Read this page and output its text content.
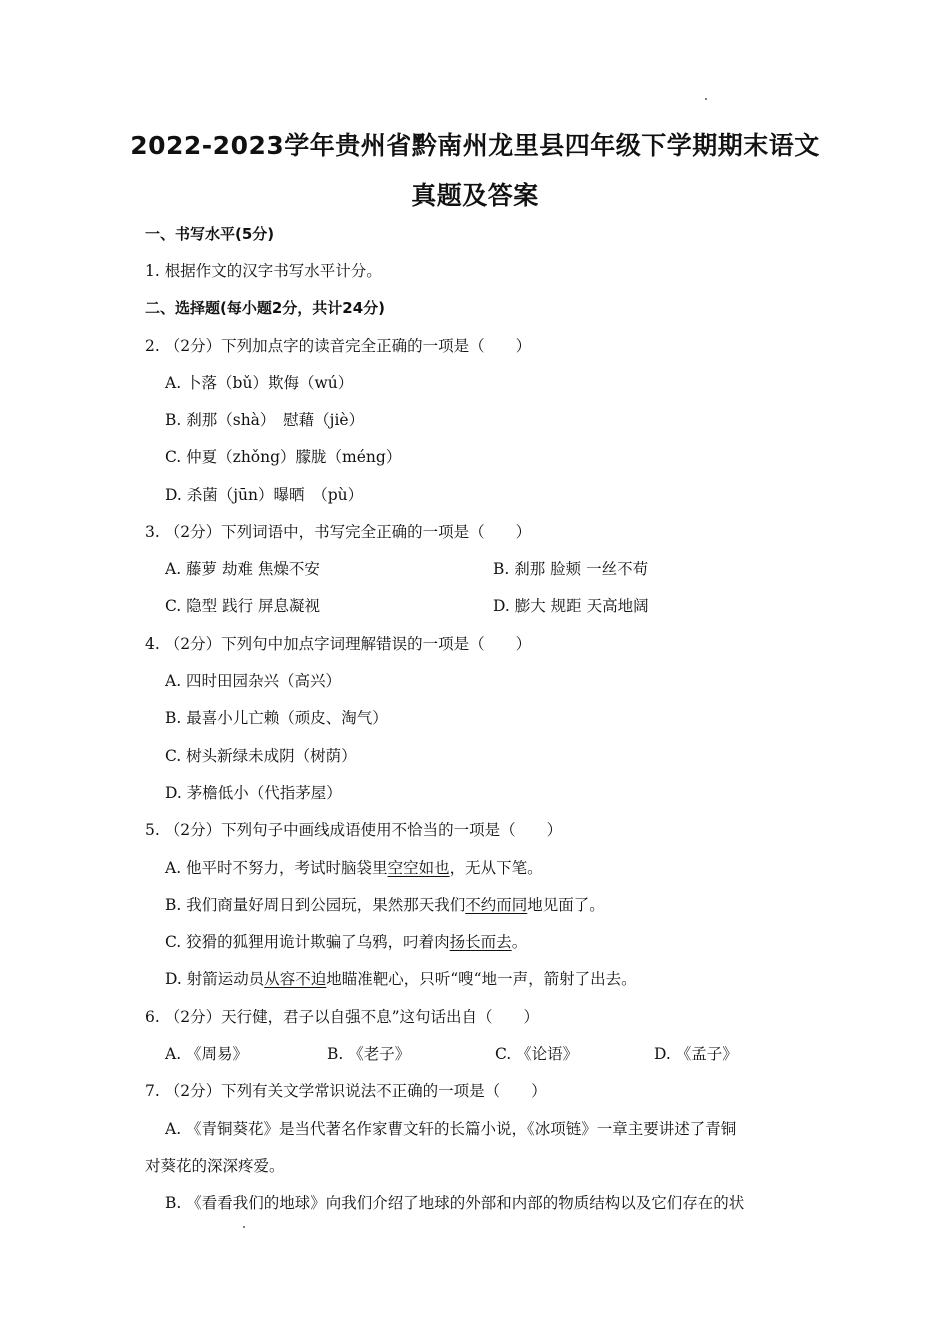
2022-2023学年贵州省黔南州龙里县四年级下学期期末语文
真题及答案
一、书写水平(5分)
1. 根据作文的汉字书写水平计分。
二、选择题(每小题2分，共计24分)
2. （2分）下列加点字的读音完全正确的一项是（　　）
A. 卜落（bǔ）欺侮（wú）
B. 刹那（shà）　慰藉（jiè）
C. 仲夏（zhǒng）朦胧（méng）
D. 杀菌（jūn）曝晒　（pù）
3. （2分）下列词语中，书写完全正确的一项是（　　）
A. 藤萝 劫难 焦燥不安	B. 刹那 脸颊 一丝不苟
C. 隐型 践行 屏息凝视	D. 膨大 规距 天高地阔
4. （2分）下列句中加点字词理解错误的一项是（　　）
A. 四时田园杂兴（高兴）
B. 最喜小儿亡赖（顽皮、淘气）
C. 树头新绿未成阴（树荫）
D. 茅檐低小（代指茅屋）
5. （2分）下列句子中画线成语使用不恰当的一项是（　　）
A. 他平时不努力，考试时脑袋里空空如也，无从下笔。
B. 我们商量好周日到公园玩，果然那天我们不约而同地见面了。
C. 狡猾的狐狸用诡计欺骗了乌鸦，叼着肉扬长而去。
D. 射箭运动员从容不迫地瞄准靶心，只听“嗖“地一声，箭射了出去。
6. （2分）天行健，君子以自强不息”这句话出自（　　）
A. 《周易》	B. 《老子》	C. 《论语》	D. 《孟子》
7. （2分）下列有关文学常识说法不正确的一项是（　　）
A. 《青铜葵花》是当代著名作家曹文轩的长篇小说，《冰项链》一章主要讲述了青铜
对葵花的深深疼爱。
B. 《看看我们的地球》向我们介绍了地球的外部和内部的物质结构以及它们存在的状
